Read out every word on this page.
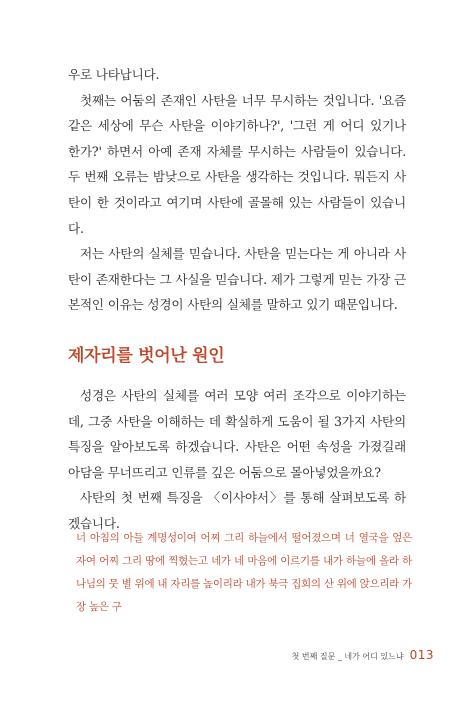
우로 나타납니다.

첫째는 어둠의 존재인 사탄을 너무 무시하는 것입니다. '요즘 같은 세상에 무슨 사탄을 이야기하나?', '그런 게 어디 있기나 한가?' 하면서 아예 존재 자체를 무시하는 사람들이 있습니다. 두 번째 오류는 밤낮으로 사탄을 생각하는 것입니다. 뭐든지 사탄이 한 것이라고 여기며 사탄에 골몰해 있는 사람들이 있습니다.

저는 사탄의 실체를 믿습니다. 사탄을 믿는다는 게 아니라 사탄이 존재한다는 그 사실을 믿습니다. 제가 그렇게 믿는 가장 근본적인 이유는 성경이 사탄의 실체를 말하고 있기 때문입니다.

제자리를 벗어난 원인

성경은 사탄의 실체를 여러 모양 여러 조각으로 이야기하는데, 그중 사탄을 이해하는 데 확실하게 도움이 될 3가지 사탄의 특징을 알아보도록 하겠습니다. 사탄은 어떤 속성을 가졌길래 아담을 무너뜨리고 인류를 깊은 어둠으로 몰아넣었을까요?

사탄의 첫 번째 특징을 〈이사야서〉를 통해 살펴보도록 하겠습니다.

너 아침의 아들 계명성이여 어찌 그리 하늘에서 떨어졌으며 너 열국을 엎은 자여 어찌 그리 땅에 찍혔는고 네가 네 마음에 이르기를 내가 하늘에 올라 하나님의 뭇 별 위에 내 자리를 높이리라 내가 북극 집회의 산 위에 앉으리라 가장 높은 구

첫 번째 질문 _ 네가 어디 있느냐 013
